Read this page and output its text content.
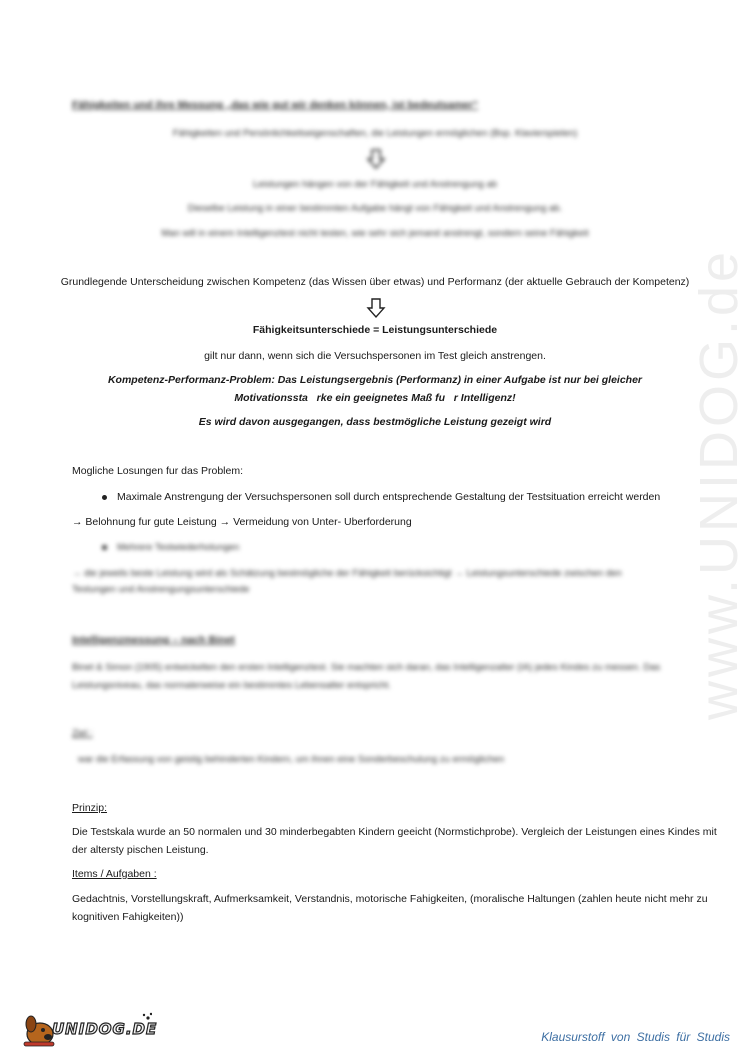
www.UNIDOG.de
Fähigkeiten und ihre Messung „das wie gut wir denken können, ist bedeutsamer“
Fähigkeiten und Persönlichkeitseigenschaften, die Leistungen ermöglichen (Bsp. Klavierspielen)
Leistungen hängen von der Fähigkeit und Anstrengung ab
Dieselbe Leistung in einer bestimmten Aufgabe hängt von Fähigkeit und Anstrengung ab.
Man will in einem Intelligenztest nicht testen, wie sehr sich jemand anstrengt, sondern seine Fähigkeit
Grundlegende Unterscheidung zwischen Kompetenz (das Wissen über etwas) und Performanz (der aktuelle Gebrauch der Kompetenz)
Fähigkeitsunterschiede = Leistungsunterschiede
gilt nur dann, wenn sich die Versuchspersonen im Test gleich anstrengen.
Kompetenz-Performanz-Problem: Das Leistungsergebnis (Performanz) in einer Aufgabe ist nur bei gleicher
Motivationssta   rke ein geeignetes Maß fu   r Intelligenz!
Es wird davon ausgegangen, dass bestmögliche Leistung gezeigt wird
Mogliche Losungen fur das Problem:
Maximale Anstrengung der Versuchspersonen soll durch entsprechende Gestaltung der Testsituation erreicht werden
→ Belohnung fur gute Leistung → Vermeidung von Unter- Uberforderung
Mehrere Testwiederholungen
→ die jeweils beste Leistung wird als Schätzung bestmögliche der Fähigkeit berücksichtigt → Leistungsunterschiede zwischen den
Testungen und Anstrengungsunterschiede
Intelligenzmessung – nach Binet
Binet & Simon (1905) entwickelten den ersten Intelligenztest. Sie machten sich daran, das Intelligenzalter (IA) jedes Kindes zu messen. Das
Leistungsniveau, das normalerweise ein bestimmtes Lebensalter entspricht.
Ziel :
war die Erfassung von geistig behinderten Kindern, um ihnen eine Sonderbeschulung zu ermöglichen
Prinzip:
Die Testskala wurde an 50 normalen und 30 minderbegabten Kindern geeicht (Normstichprobe). Vergleich der Leistungen eines Kindes mit
der altersty pischen Leistung.
Items / Aufgaben :
Gedachtnis, Vorstellungskraft, Aufmerksamkeit, Verstandnis, motorische Fahigkeiten, (moralische Haltungen (zahlen heute nicht mehr zu
kognitiven Fahigkeiten))
UNIDOG.DE	Klausurstoff von Studis für Studis
